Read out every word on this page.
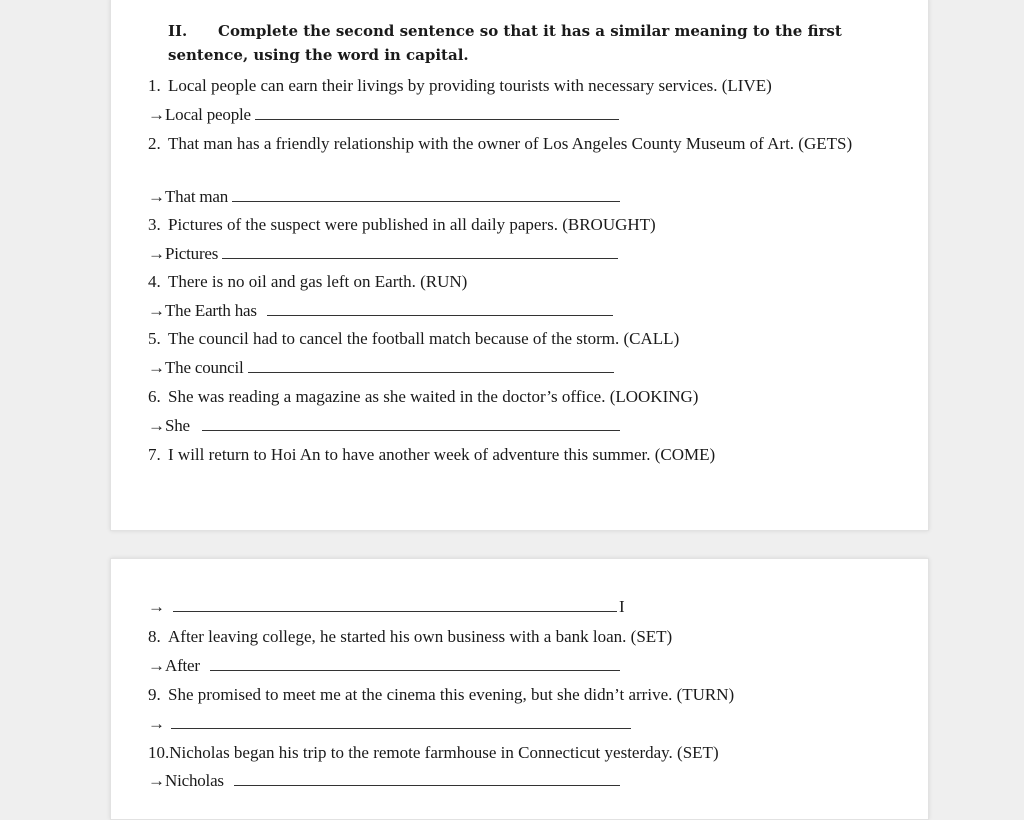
II. Complete the second sentence so that it has a similar meaning to the first sentence, using the word in capital.
1. Local people can earn their livings by providing tourists with necessary services. (LIVE)
→Local people
2. That man has a friendly relationship with the owner of Los Angeles County Museum of Art. (GETS)
→That man
3. Pictures of the suspect were published in all daily papers. (BROUGHT)
→Pictures
4. There is no oil and gas left on Earth. (RUN)
→The Earth has
5. The council had to cancel the football match because of the storm. (CALL)
→The council
6. She was reading a magazine as she waited in the doctor’s office. (LOOKING)
→She
7. I will return to Hoi An to have another week of adventure this summer. (COME)
→	I
8. After leaving college, he started his own business with a bank loan. (SET)
→After
9. She promised to meet me at the cinema this evening, but she didn’t arrive. (TURN)
→
10.Nicholas began his trip to the remote farmhouse in Connecticut yesterday. (SET)
→Nicholas
